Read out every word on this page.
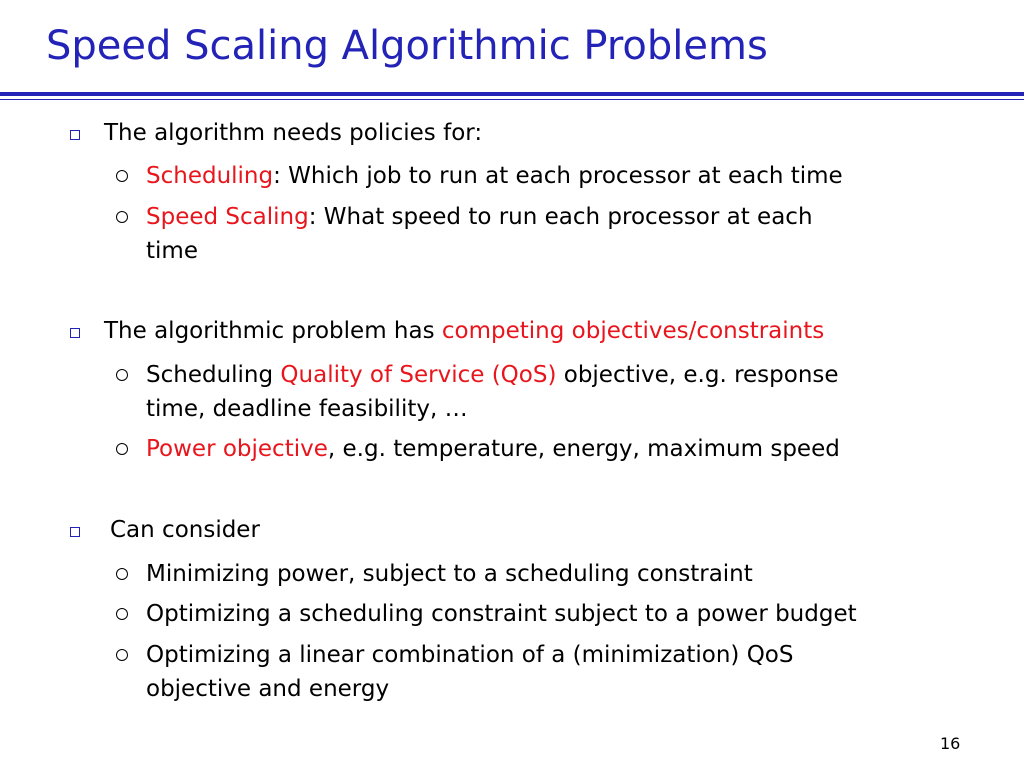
Speed Scaling Algorithmic Problems
The algorithm needs policies for:
Scheduling: Which job to run at each processor at each time
Speed Scaling: What speed to run each processor at each
time
The algorithmic problem has competing objectives/constraints
Scheduling Quality of Service (QoS) objective, e.g. response
time, deadline feasibility, …
Power objective, e.g. temperature, energy, maximum speed
Can consider
Minimizing power, subject to a scheduling constraint
Optimizing a scheduling constraint subject to a power budget
Optimizing a linear combination of a (minimization) QoS
objective and energy
16
